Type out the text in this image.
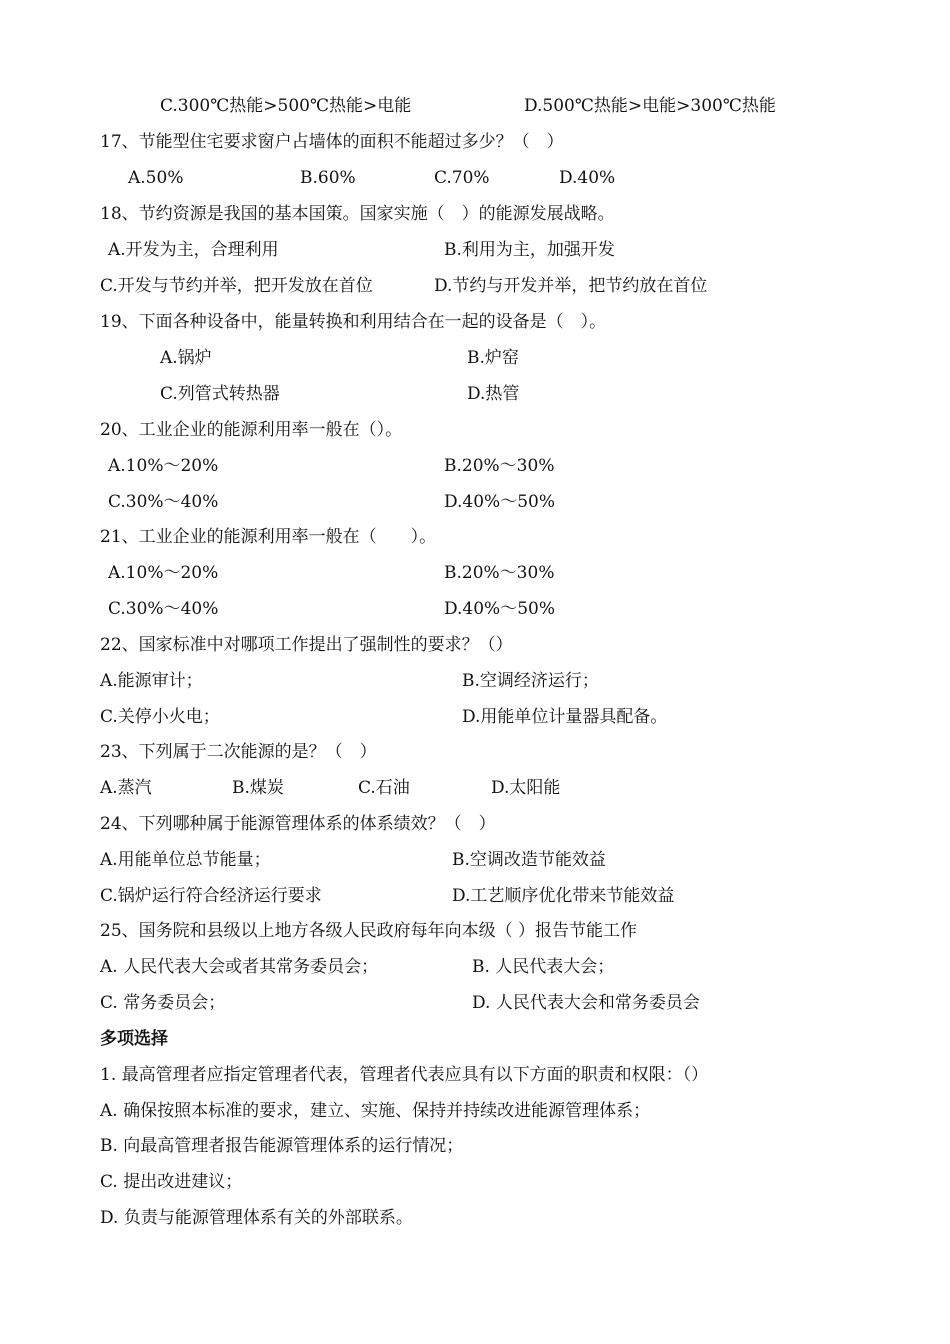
C.300℃热能>500℃热能>电能	D.500℃热能>电能>300℃热能

17、节能型住宅要求窗户占墙体的面积不能超过多少？（　）

A.50%	B.60%	C.70%	D.40%

18、节约资源是我国的基本国策。国家实施（　）的能源发展战略。

A.开发为主，合理利用	B.利用为主，加强开发

C.开发与节约并举，把开发放在首位	D.节约与开发并举，把节约放在首位

19、下面各种设备中，能量转换和利用结合在一起的设备是（　）。

A.锅炉	B.炉窑

C.列管式转热器	D.热管

20、工业企业的能源利用率一般在（）。

A.10%～20%	B.20%～30%

C.30%～40%	D.40%～50%

21、工业企业的能源利用率一般在（　　）。

A.10%～20%	B.20%～30%

C.30%～40%	D.40%～50%

22、国家标准中对哪项工作提出了强制性的要求？（）

A.能源审计；	B.空调经济运行；

C.关停小火电；	D.用能单位计量器具配备。

23、下列属于二次能源的是？（　）

A.蒸汽	B.煤炭	C.石油	D.太阳能

24、下列哪种属于能源管理体系的体系绩效？（　）

A.用能单位总节能量；	B.空调改造节能效益

C.锅炉运行符合经济运行要求	D.工艺顺序优化带来节能效益

25、国务院和县级以上地方各级人民政府每年向本级（ ）报告节能工作

A. 人民代表大会或者其常务委员会；	B. 人民代表大会；

C. 常务委员会；	D. 人民代表大会和常务委员会

多项选择

1. 最高管理者应指定管理者代表，管理者代表应具有以下方面的职责和权限：（）

A. 确保按照本标准的要求，建立、实施、保持并持续改进能源管理体系；

B. 向最高管理者报告能源管理体系的运行情况；

C. 提出改进建议；

D. 负责与能源管理体系有关的外部联系。
